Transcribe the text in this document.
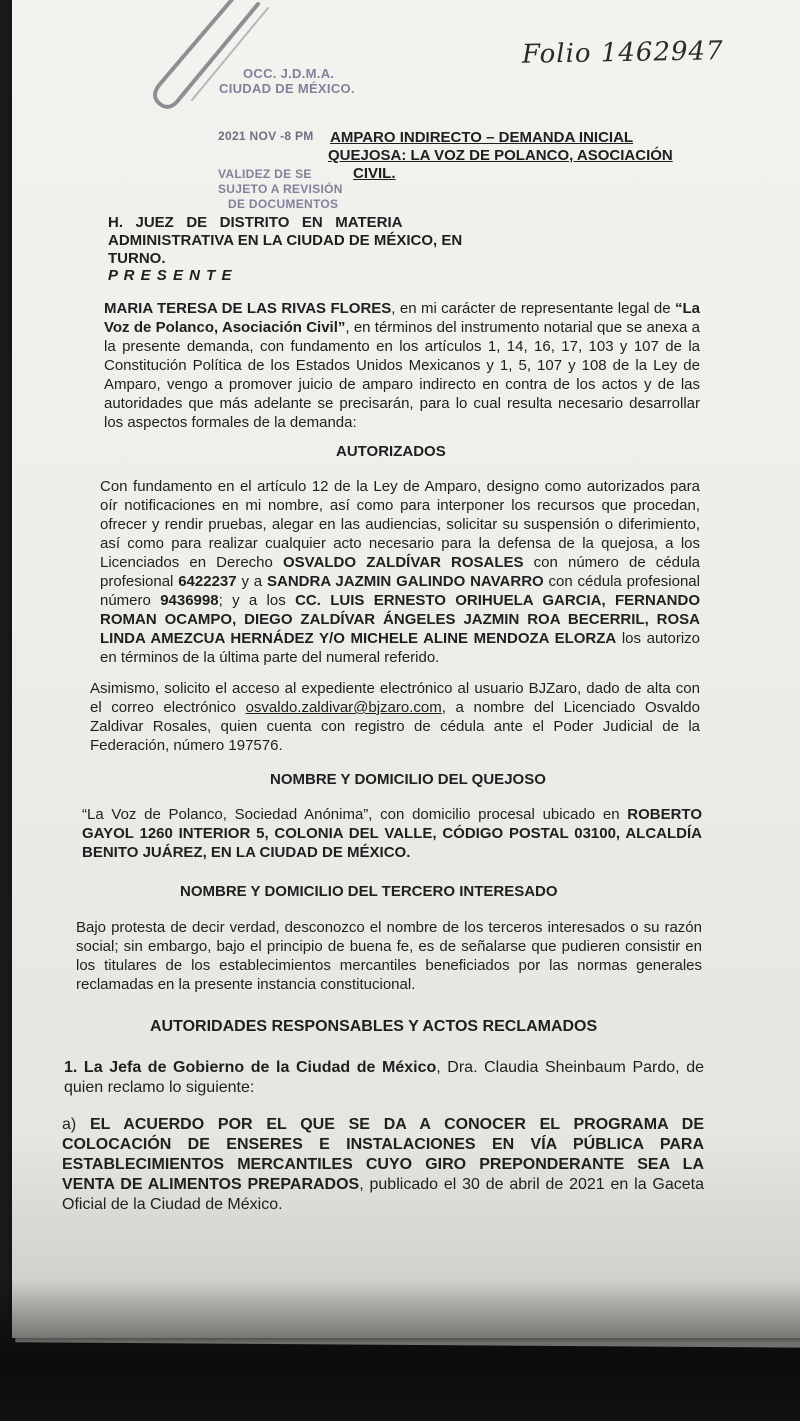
Folio 1462947
OCC. J.D.M.A.
CIUDAD DE MÉXICO.
2021 NOV -8 PM
VALIDEZ DE SE
SUJETO A REVISIÓN
DE DOCUMENTOS
AMPARO INDIRECTO – DEMANDA INICIAL
QUEJOSA: LA VOZ DE POLANCO, ASOCIACIÓN
CIVIL.
H.   JUEZ   DE   DISTRITO   EN   MATERIA
ADMINISTRATIVA EN LA CIUDAD DE MÉXICO, EN
TURNO.
P R E S E N T E

MARIA TERESA DE LAS RIVAS FLORES, en mi carácter de representante legal de “La Voz de Polanco, Asociación Civil”, en términos del instrumento notarial que se anexa a la presente demanda, con fundamento en los artículos 1, 14, 16, 17, 103 y 107 de la Constitución Política de los Estados Unidos Mexicanos y 1, 5, 107 y 108 de la Ley de Amparo, vengo a promover juicio de amparo indirecto en contra de los actos y de las autoridades que más adelante se precisarán, para lo cual resulta necesario desarrollar los aspectos formales de la demanda:

AUTORIZADOS

Con fundamento en el artículo 12 de la Ley de Amparo, designo como autorizados para oír notificaciones en mi nombre, así como para interponer los recursos que procedan, ofrecer y rendir pruebas, alegar en las audiencias, solicitar su suspensión o diferimiento, así como para realizar cualquier acto necesario para la defensa de la quejosa, a los Licenciados en Derecho OSVALDO ZALDÍVAR ROSALES con número de cédula profesional 6422237 y a SANDRA JAZMIN GALINDO NAVARRO con cédula profesional número 9436998; y a los CC. LUIS ERNESTO ORIHUELA GARCIA, FERNANDO ROMAN OCAMPO, DIEGO ZALDÍVAR ÁNGELES JAZMIN ROA BECERRIL, ROSA LINDA AMEZCUA HERNÁDEZ Y/O MICHELE ALINE MENDOZA ELORZA los autorizo en términos de la última parte del numeral referido.

Asimismo, solicito el acceso al expediente electrónico al usuario BJZaro, dado de alta con el correo electrónico osvaldo.zaldivar@bjzaro.com, a nombre del Licenciado Osvaldo Zaldivar Rosales, quien cuenta con registro de cédula ante el Poder Judicial de la Federación, número 197576.

NOMBRE Y DOMICILIO DEL QUEJOSO

“La Voz de Polanco, Sociedad Anónima”, con domicilio procesal ubicado en ROBERTO GAYOL 1260 INTERIOR 5, COLONIA DEL VALLE, CÓDIGO POSTAL 03100, ALCALDÍA BENITO JUÁREZ, EN LA CIUDAD DE MÉXICO.

NOMBRE Y DOMICILIO DEL TERCERO INTERESADO

Bajo protesta de decir verdad, desconozco el nombre de los terceros interesados o su razón social; sin embargo, bajo el principio de buena fe, es de señalarse que pudieren consistir en los titulares de los establecimientos mercantiles beneficiados por las normas generales reclamadas en la presente instancia constitucional.

AUTORIDADES RESPONSABLES Y ACTOS RECLAMADOS

1. La Jefa de Gobierno de la Ciudad de México, Dra. Claudia Sheinbaum Pardo, de quien reclamo lo siguiente:

a) EL ACUERDO POR EL QUE SE DA A CONOCER EL PROGRAMA DE COLOCACIÓN DE ENSERES E INSTALACIONES EN VÍA PÚBLICA PARA ESTABLECIMIENTOS MERCANTILES CUYO GIRO PREPONDERANTE SEA LA VENTA DE ALIMENTOS PREPARADOS, publicado el 30 de abril de 2021 en la Gaceta Oficial de la Ciudad de México.
